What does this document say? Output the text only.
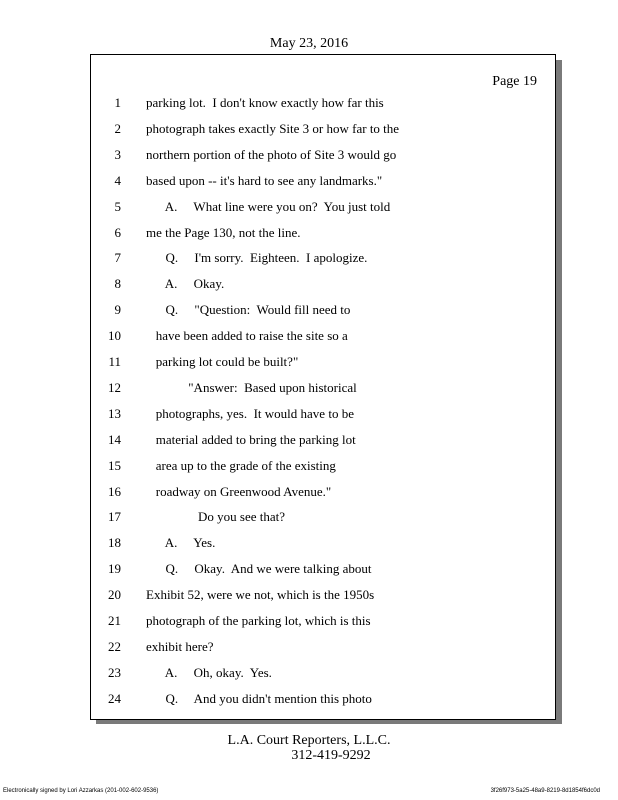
May 23, 2016
Page 19
1 parking lot.  I don't know exactly how far this
2 photograph takes exactly Site 3 or how far to the
3 northern portion of the photo of Site 3 would go
4 based upon -- it's hard to see any landmarks."
5 A.     What line were you on?  You just told
6 me the Page 130, not the line.
7 Q.     I'm sorry.  Eighteen.  I apologize.
8 A.     Okay.
9 Q.     "Question:  Would fill need to
10 have been added to raise the site so a
11 parking lot could be built?"
12 "Answer:  Based upon historical
13 photographs, yes.  It would have to be
14 material added to bring the parking lot
15 area up to the grade of the existing
16 roadway on Greenwood Avenue."
17 Do you see that?
18 A.     Yes.
19 Q.     Okay.  And we were talking about
20 Exhibit 52, were we not, which is the 1950s
21 photograph of the parking lot, which is this
22 exhibit here?
23 A.     Oh, okay.  Yes.
24 Q.     And you didn't mention this photo
L.A. Court Reporters, L.L.C.
312-419-9292
Electronically signed by Lori Azzarkas (201-002-602-9536)	3f26f973-5a25-48a9-8219-8d1854f6dc0d
